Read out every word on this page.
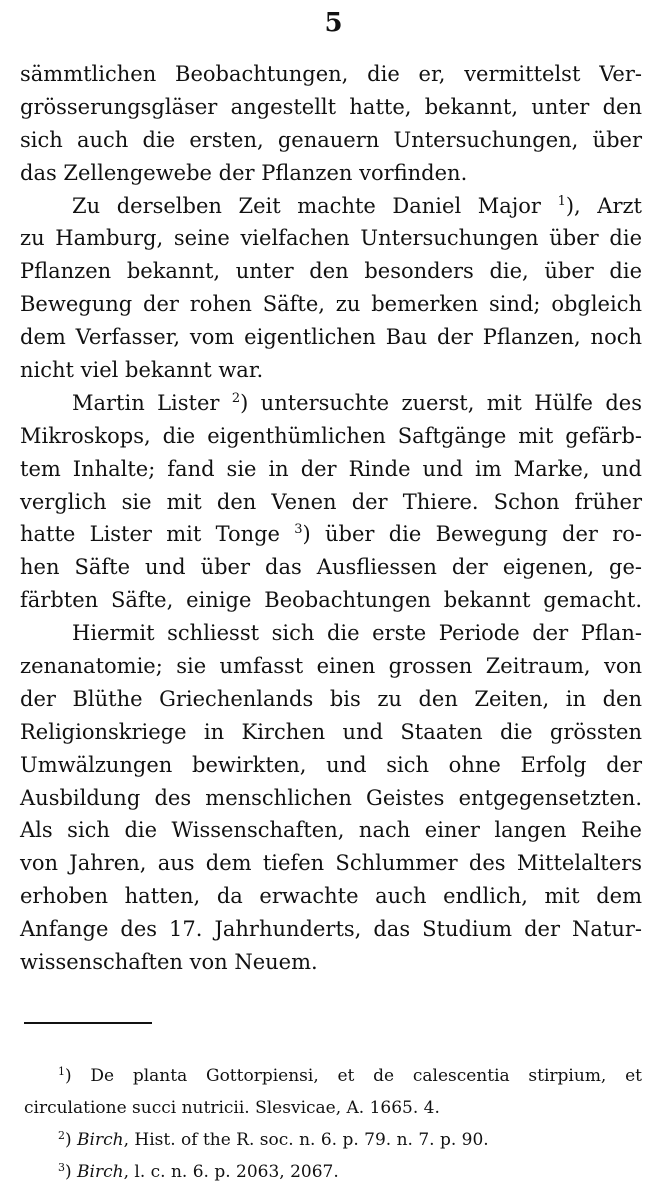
5
sämmtlichen Beobachtungen, die er, vermittelst Ver-
grösserungsgläser angestellt hatte, bekannt, unter den
sich auch die ersten, genauern Untersuchungen, über
das Zellengewebe der Pflanzen vorfinden.
Zu derselben Zeit machte Daniel Major $^1$), Arzt
zu Hamburg, seine vielfachen Untersuchungen über die
Pflanzen bekannt, unter den besonders die, über die
Bewegung der rohen Säfte, zu bemerken sind; obgleich
dem Verfasser, vom eigentlichen Bau der Pflanzen, noch
nicht viel bekannt war.
Martin Lister $^2$) untersuchte zuerst, mit Hülfe des
Mikroskops, die eigenthümlichen Saftgänge mit gefärb-
tem Inhalte; fand sie in der Rinde und im Marke, und
verglich sie mit den Venen der Thiere. Schon früher
hatte Lister mit Tonge $^3$) über die Bewegung der ro-
hen Säfte und über das Ausfliessen der eigenen, ge-
färbten Säfte, einige Beobachtungen bekannt gemacht.
Hiermit schliesst sich die erste Periode der Pflan-
zenanatomie; sie umfasst einen grossen Zeitraum, von
der Blüthe Griechenlands bis zu den Zeiten, in den
Religionskriege in Kirchen und Staaten die grössten
Umwälzungen bewirkten, und sich ohne Erfolg der
Ausbildung des menschlichen Geistes entgegensetzten.
Als sich die Wissenschaften, nach einer langen Reihe
von Jahren, aus dem tiefen Schlummer des Mittelalters
erhoben hatten, da erwachte auch endlich, mit dem
Anfange des 17. Jahrhunderts, das Studium der Natur-
wissenschaften von Neuem.
$^1$) De planta Gottorpiensi, et de calescentia stirpium, et
circulatione succi nutricii. Slesvicae, A. 1665. 4.
$^2$) Birch, Hist. of the R. soc. n. 6. p. 79. n. 7. p. 90.
$^3$) Birch, l. c. n. 6. p. 2063, 2067.
